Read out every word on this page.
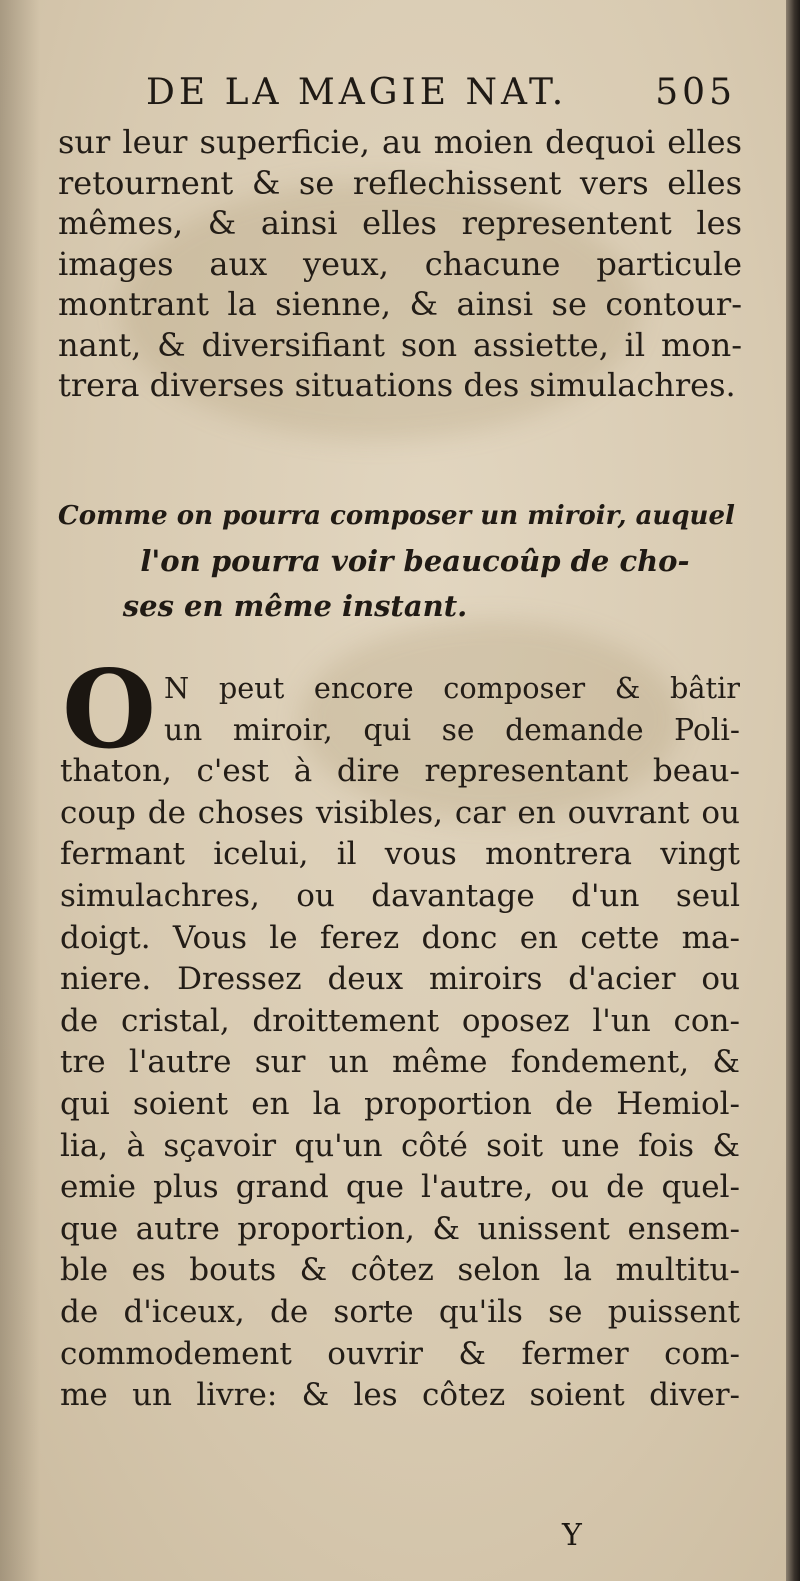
DE LA MAGIE NAT. 505
sur leur superficie, au moien dequoi elles
retournent & se reflechissent vers elles
mêmes, & ainsi elles representent les
images aux yeux, chacune particule
montrant la sienne, & ainsi se contour-
nant, & diversifiant son assiette, il mon-
trera diverses situations des simulachres.
Comme on pourra composer un miroir, auquel
l'on pourra voir beaucoûp de cho-
ses en même instant.
O N peut encore composer & bâtir
un miroir, qui se demande Poli-
thaton, c'est à dire representant beau-
coup de choses visibles, car en ouvrant ou
fermant icelui, il vous montrera vingt
simulachres, ou davantage d'un seul
doigt. Vous le ferez donc en cette ma-
niere. Dressez deux miroirs d'acier ou
de cristal, droittement oposez l'un con-
tre l'autre sur un même fondement, &
qui soient en la proportion de Hemiol-
lia, à sçavoir qu'un côté soit une fois &
emie plus grand que l'autre, ou de quel-
que autre proportion, & unissent ensem-
ble es bouts & côtez selon la multitu-
de d'iceux, de sorte qu'ils se puissent
commodement ouvrir & fermer com-
me un livre: & les côtez soient diver-
Y
